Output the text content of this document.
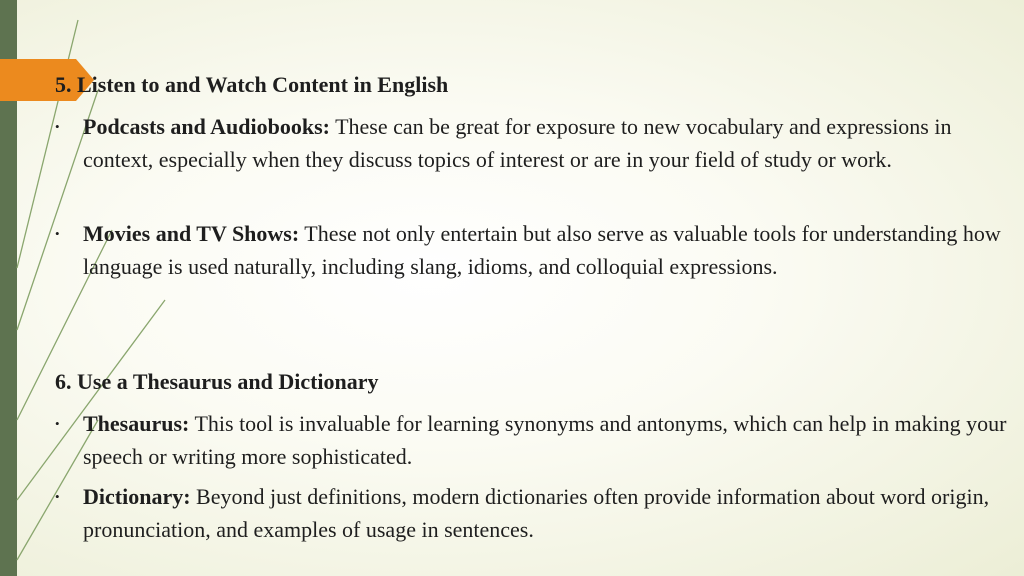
5. Listen to and Watch Content in English
•	Podcasts and Audiobooks: These can be great for exposure to new vocabulary and expressions in context, especially when they discuss topics of interest or are in your field of study or work.
•	Movies and TV Shows: These not only entertain but also serve as valuable tools for understanding how language is used naturally, including slang, idioms, and colloquial expressions.
6. Use a Thesaurus and Dictionary
•	Thesaurus: This tool is invaluable for learning synonyms and antonyms, which can help in making your speech or writing more sophisticated.
•	Dictionary: Beyond just definitions, modern dictionaries often provide information about word origin, pronunciation, and examples of usage in sentences.
